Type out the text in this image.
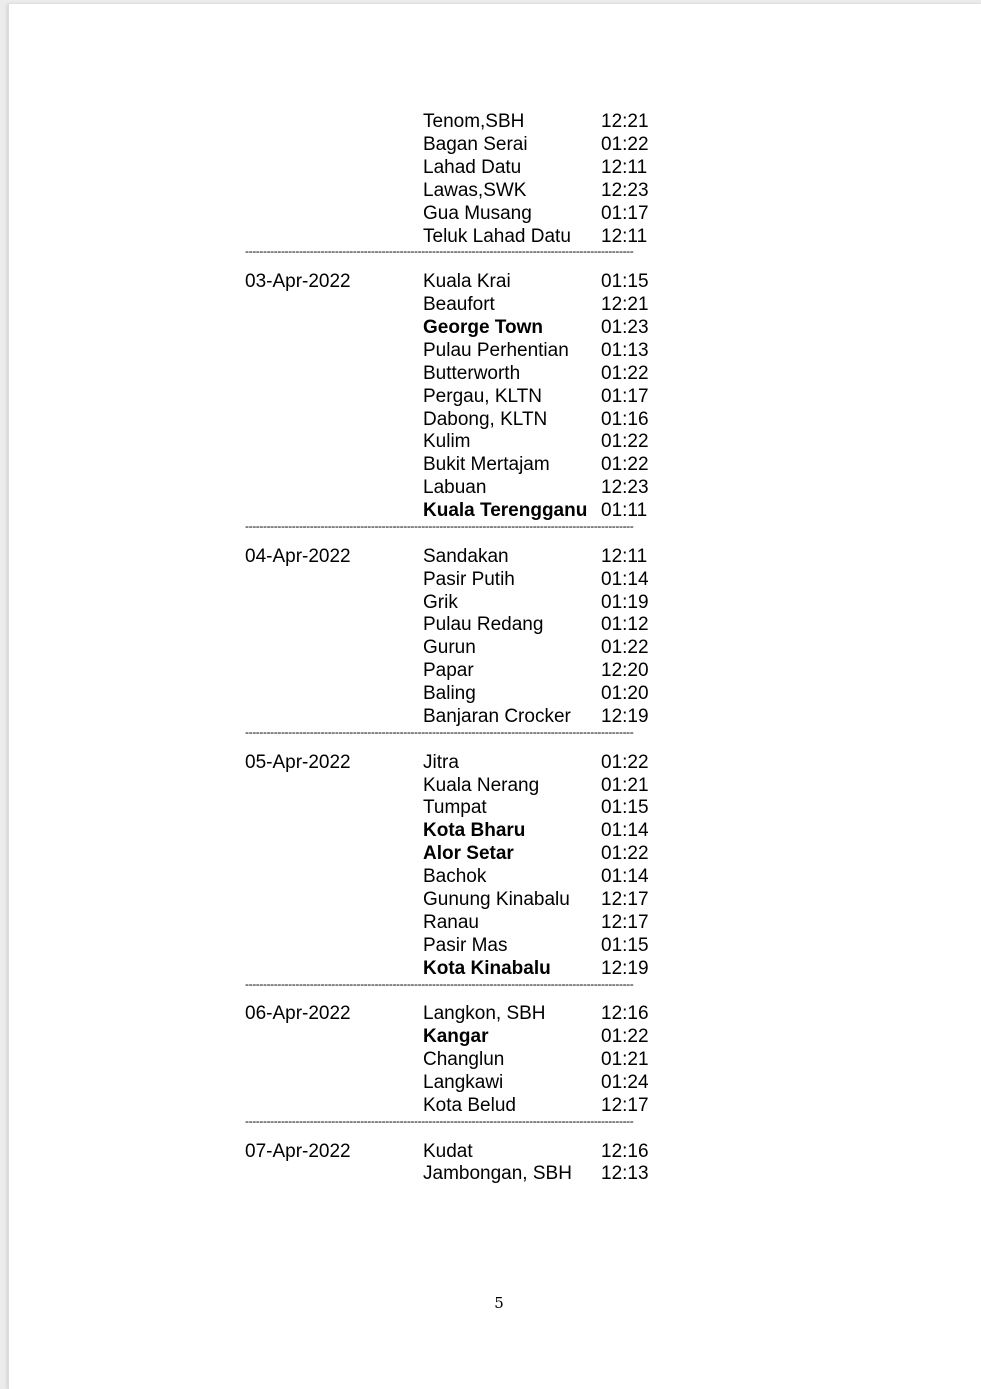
Tenom,SBH	12:21
Bagan Serai	01:22
Lahad Datu	12:11
Lawas,SWK	12:23
Gua Musang	01:17
Teluk Lahad Datu 12:11
------------------------------------------------------------------------------------------------------------
03-Apr-2022	Kuala Krai	01:15
Beaufort	12:21
George Town	01:23
Pulau Perhentian 01:13
Butterworth	01:22
Pergau, KLTN	01:17
Dabong, KLTN	01:16
Kulim	01:22
Bukit Mertajam	01:22
Labuan	12:23
Kuala Terengganu 01:11
------------------------------------------------------------------------------------------------------------
04-Apr-2022	Sandakan	12:11
Pasir Putih	01:14
Grik	01:19
Pulau Redang	01:12
Gurun	01:22
Papar	12:20
Baling	01:20
Banjaran Crocker 12:19
------------------------------------------------------------------------------------------------------------
05-Apr-2022	Jitra	01:22
Kuala Nerang	01:21
Tumpat	01:15
Kota Bharu	01:14
Alor Setar	01:22
Bachok	01:14
Gunung Kinabalu 12:17
Ranau	12:17
Pasir Mas	01:15
Kota Kinabalu	12:19
------------------------------------------------------------------------------------------------------------
06-Apr-2022	Langkon, SBH	12:16
Kangar	01:22
Changlun	01:21
Langkawi	01:24
Kota Belud	12:17
------------------------------------------------------------------------------------------------------------
07-Apr-2022	Kudat	12:16
Jambongan, SBH 12:13
5
